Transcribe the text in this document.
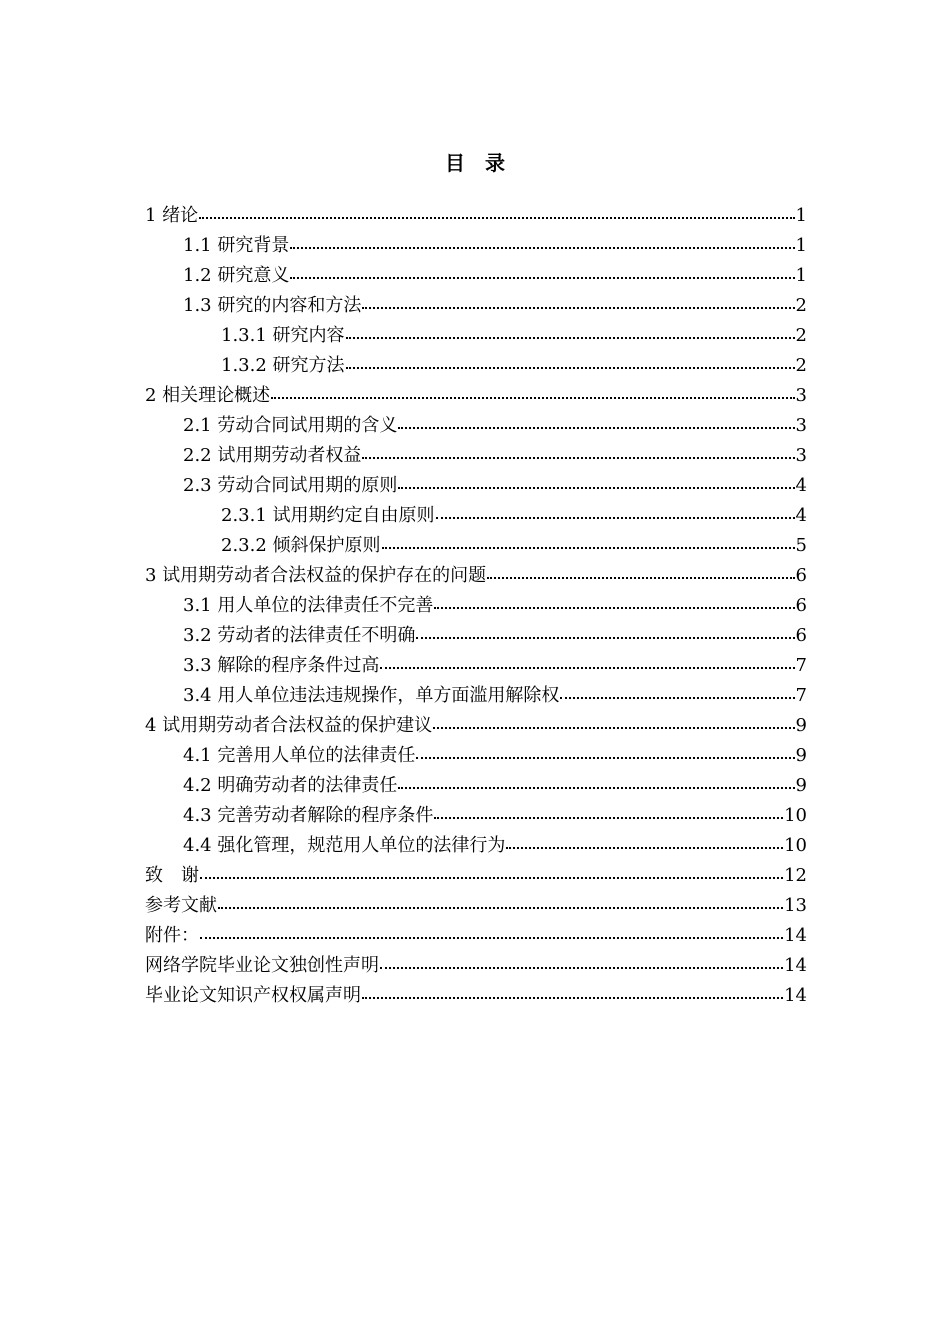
目　录
1 绪论	1
1.1 研究背景	1
1.2 研究意义	1
1.3 研究的内容和方法	2
1.3.1 研究内容	2
1.3.2 研究方法	2
2 相关理论概述	3
2.1 劳动合同试用期的含义	3
2.2 试用期劳动者权益	3
2.3 劳动合同试用期的原则	4
2.3.1 试用期约定自由原则	4
2.3.2 倾斜保护原则	5
3 试用期劳动者合法权益的保护存在的问题	6
3.1 用人单位的法律责任不完善	6
3.2 劳动者的法律责任不明确	6
3.3 解除的程序条件过高	7
3.4 用人单位违法违规操作，单方面滥用解除权	7
4 试用期劳动者合法权益的保护建议	9
4.1 完善用人单位的法律责任	9
4.2 明确劳动者的法律责任	9
4.3 完善劳动者解除的程序条件	10
4.4 强化管理，规范用人单位的法律行为	10
致　谢	12
参考文献	13
附件：	14
网络学院毕业论文独创性声明	14
毕业论文知识产权权属声明	14
